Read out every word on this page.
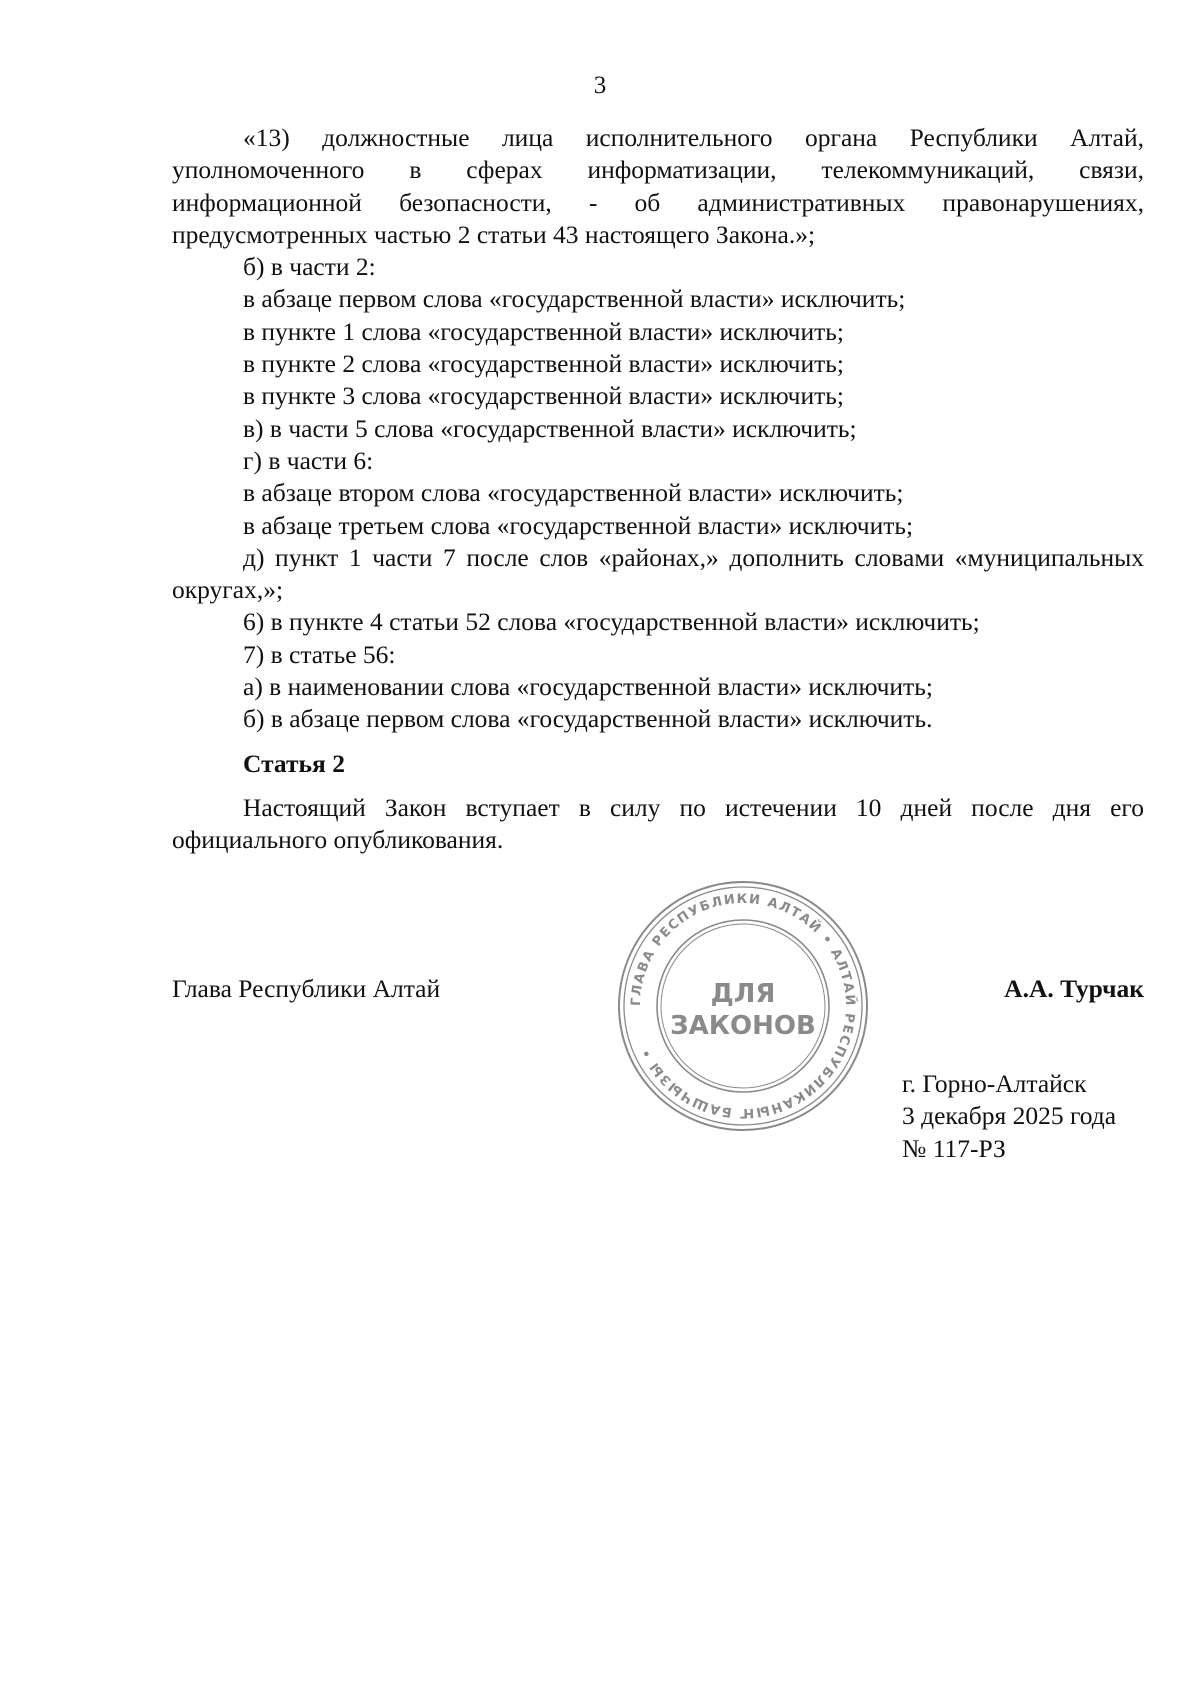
3

«13) должностные лица исполнительного органа Республики Алтай, уполномоченного в сферах информатизации, телекоммуникаций, связи, информационной безопасности, - об административных правонарушениях, предусмотренных частью 2 статьи 43 настоящего Закона.»;

б) в части 2:

в абзаце первом слова «государственной власти» исключить;

в пункте 1 слова «государственной власти» исключить;

в пункте 2 слова «государственной власти» исключить;

в пункте 3 слова «государственной власти» исключить;

в) в части 5 слова «государственной власти» исключить;

г) в части 6:

в абзаце втором слова «государственной власти» исключить;

в абзаце третьем слова «государственной власти» исключить;

д) пункт 1 части 7 после слов «районах,» дополнить словами «муниципальных округах,»;

6) в пункте 4 статьи 52 слова «государственной власти» исключить;

7) в статье 56:

а) в наименовании слова «государственной власти» исключить;

б) в абзаце первом слова «государственной власти» исключить.

Статья 2

Настоящий Закон вступает в силу по истечении 10 дней после дня его официального опубликования.

ГЛАВА РЕСПУБЛИКИ АЛТАЙ • АЛТАЙ РЕСПУБЛИКАНЫҤ БАШЧЫЗЫ •
ДЛЯ
ЗАКОНОВ
Глава Республики Алтай	А.А. Турчак
г. Горно-Алтайск
3 декабря 2025 года
№ 117-РЗ
